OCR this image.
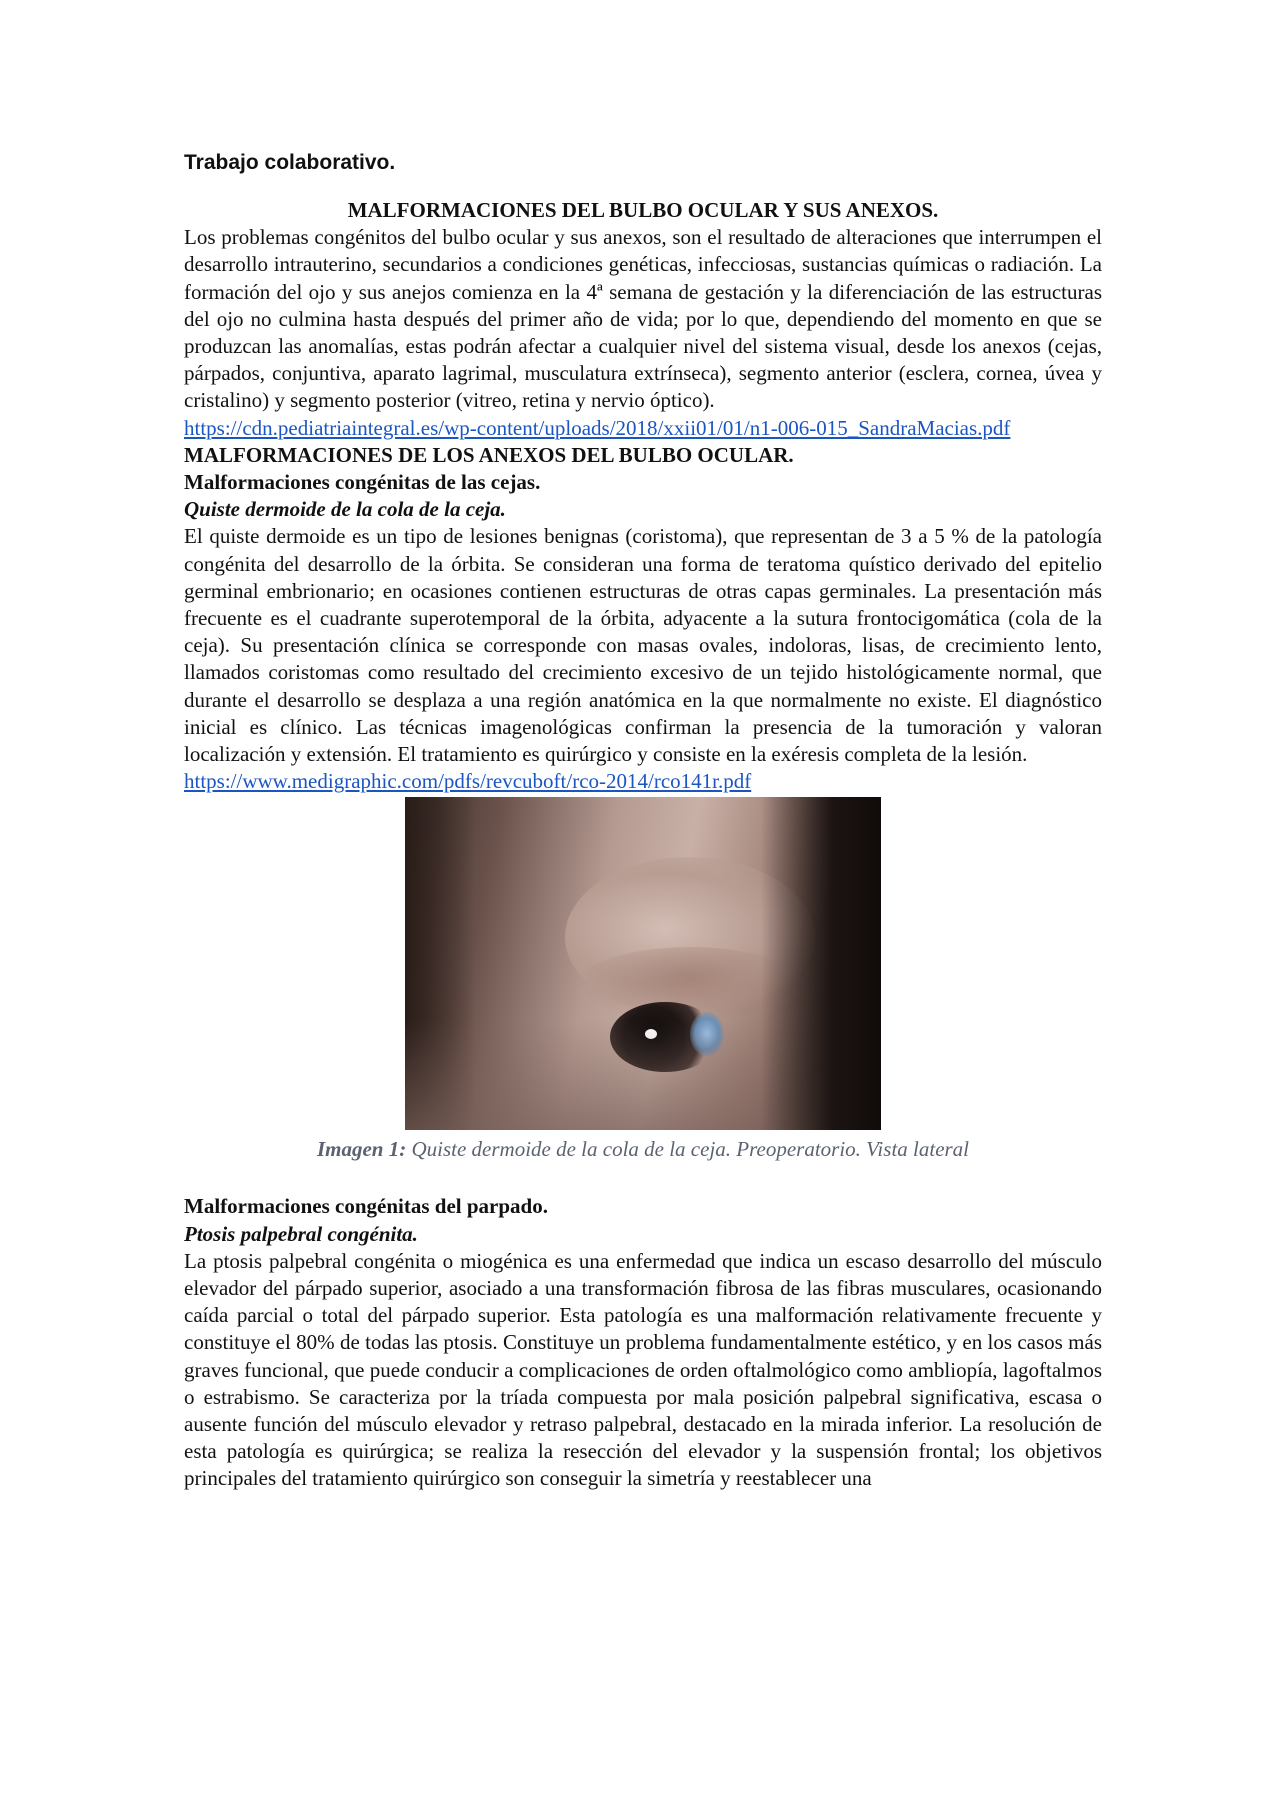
Trabajo colaborativo.
MALFORMACIONES DEL BULBO OCULAR Y SUS ANEXOS.

Los problemas congénitos del bulbo ocular y sus anexos, son el resultado de alteraciones que interrumpen el desarrollo intrauterino, secundarios a condiciones genéticas, infecciosas, sustancias químicas o radiación. La formación del ojo y sus anejos comienza en la 4ª semana de gestación y la diferenciación de las estructuras del ojo no culmina hasta después del primer año de vida; por lo que, dependiendo del momento en que se produzcan las anomalías, estas podrán afectar a cualquier nivel del sistema visual, desde los anexos (cejas, párpados, conjuntiva, aparato lagrimal, musculatura extrínseca), segmento anterior (esclera, cornea, úvea y cristalino) y segmento posterior (vitreo, retina y nervio óptico).

https://cdn.pediatriaintegral.es/wp-content/uploads/2018/xxii01/01/n1-006-015_SandraMacias.pdf
MALFORMACIONES DE LOS ANEXOS DEL BULBO OCULAR.
Malformaciones congénitas de las cejas.
Quiste dermoide de la cola de la ceja.

El quiste dermoide es un tipo de lesiones benignas (coristoma), que representan de 3 a 5 % de la patología congénita del desarrollo de la órbita. Se consideran una forma de teratoma quístico derivado del epitelio germinal embrionario; en ocasiones contienen estructuras de otras capas germinales. La presentación más frecuente es el cuadrante superotemporal de la órbita, adyacente a la sutura frontocigomática (cola de la ceja). Su presentación clínica se corresponde con masas ovales, indoloras, lisas, de crecimiento lento, llamados coristomas como resultado del crecimiento excesivo de un tejido histológicamente normal, que durante el desarrollo se desplaza a una región anatómica en la que normalmente no existe. El diagnóstico inicial es clínico. Las técnicas imagenológicas confirman la presencia de la tumoración y valoran localización y extensión. El tratamiento es quirúrgico y consiste en la exéresis completa de la lesión.

https://www.medigraphic.com/pdfs/revcuboft/rco-2014/rco141r.pdf
Imagen 1: Quiste dermoide de la cola de la ceja. Preoperatorio. Vista lateral
Malformaciones congénitas del parpado.
Ptosis palpebral congénita.

La ptosis palpebral congénita o miogénica es una enfermedad que indica un escaso desarrollo del músculo elevador del párpado superior, asociado a una transformación fibrosa de las fibras musculares, ocasionando caída parcial o total del párpado superior. Esta patología es una malformación relativamente frecuente y constituye el 80% de todas las ptosis. Constituye un problema fundamentalmente estético, y en los casos más graves funcional, que puede conducir a complicaciones de orden oftalmológico como ambliopía, lagoftalmos o estrabismo. Se caracteriza por la tríada compuesta por mala posición palpebral significativa, escasa o ausente función del músculo elevador y retraso palpebral, destacado en la mirada inferior. La resolución de esta patología es quirúrgica; se realiza la resección del elevador y la suspensión frontal; los objetivos principales del tratamiento quirúrgico son conseguir la simetría y reestablecer una
